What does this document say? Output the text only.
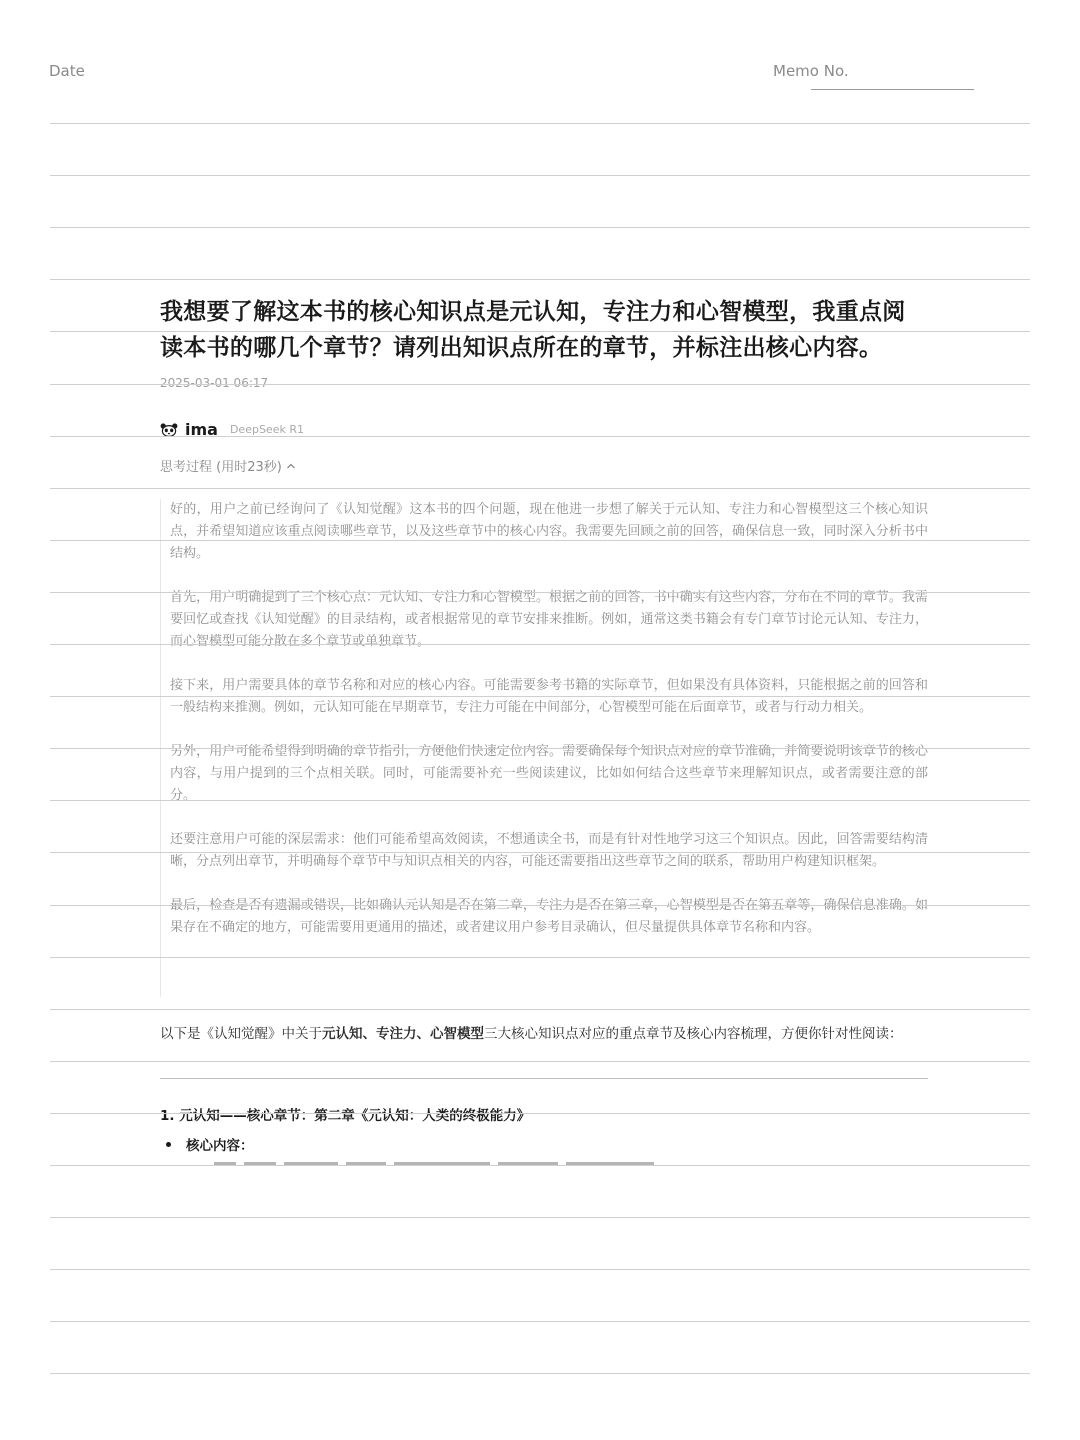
Date	Memo No.
我想要了解这本书的核心知识点是元认知，专注力和心智模型，我重点阅读本书的哪几个章节？请列出知识点所在的章节，并标注出核心内容。
2025-03-01 06:17
ima DeepSeek R1
思考过程 (用时23秒)

好的，用户之前已经询问了《认知觉醒》这本书的四个问题，现在他进一步想了解关于元认知、专注力和心智模型这三个核心知识点，并希望知道应该重点阅读哪些章节，以及这些章节中的核心内容。我需要先回顾之前的回答，确保信息一致，同时深入分析书中结构。

首先，用户明确提到了三个核心点：元认知、专注力和心智模型。根据之前的回答，书中确实有这些内容，分布在不同的章节。我需要回忆或查找《认知觉醒》的目录结构，或者根据常见的章节安排来推断。例如，通常这类书籍会有专门章节讨论元认知、专注力，而心智模型可能分散在多个章节或单独章节。

接下来，用户需要具体的章节名称和对应的核心内容。可能需要参考书籍的实际章节，但如果没有具体资料，只能根据之前的回答和一般结构来推测。例如，元认知可能在早期章节，专注力可能在中间部分，心智模型可能在后面章节，或者与行动力相关。

另外，用户可能希望得到明确的章节指引，方便他们快速定位内容。需要确保每个知识点对应的章节准确，并简要说明该章节的核心内容，与用户提到的三个点相关联。同时，可能需要补充一些阅读建议，比如如何结合这些章节来理解知识点，或者需要注意的部分。

还要注意用户可能的深层需求：他们可能希望高效阅读，不想通读全书，而是有针对性地学习这三个知识点。因此，回答需要结构清晰，分点列出章节，并明确每个章节中与知识点相关的内容，可能还需要指出这些章节之间的联系，帮助用户构建知识框架。

最后，检查是否有遗漏或错误，比如确认元认知是否在第二章，专注力是否在第三章，心智模型是否在第五章等，确保信息准确。如果存在不确定的地方，可能需要用更通用的描述，或者建议用户参考目录确认，但尽量提供具体章节名称和内容。

以下是《认知觉醒》中关于元认知、专注力、心智模型三大核心知识点对应的重点章节及核心内容梳理，方便你针对性阅读：

1. 元认知——核心章节：第二章《元认知：人类的终极能力》
核心内容：
